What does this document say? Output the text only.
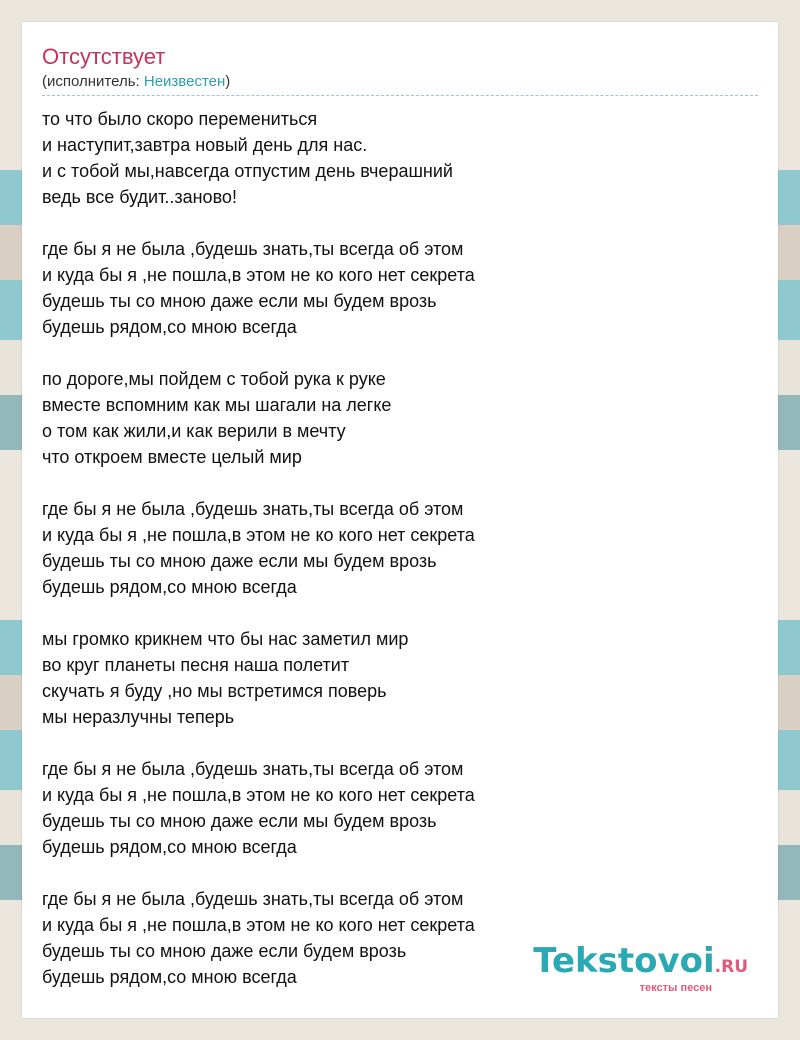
Отсутствует
(исполнитель: Неизвестен)
то что было скоро перемениться
и наступит,завтра новый день для нас.
и с тобой мы,навсегда отпустим день вчерашний
ведь все будит..заново!
где бы я не была ,будешь знать,ты всегда об этом
и куда бы я ,не пошла,в этом не ко кого нет секрета
будешь ты со мною даже если мы будем врозь
будешь рядом,со мною всегда
по дороге,мы пойдем с тобой рука к руке
вместе вспомним как мы шагали на легке
о том как жили,и как верили в мечту
что откроем вместе целый мир
где бы я не была ,будешь знать,ты всегда об этом
и куда бы я ,не пошла,в этом не ко кого нет секрета
будешь ты со мною даже если мы будем врозь
будешь рядом,со мною всегда
мы громко крикнем что бы нас заметил мир
во круг планеты песня наша полетит
скучать я буду ,но мы встретимся поверь
мы неразлучны теперь
где бы я не была ,будешь знать,ты всегда об этом
и куда бы я ,не пошла,в этом не ко кого нет секрета
будешь ты со мною даже если мы будем врозь
будешь рядом,со мною всегда
где бы я не была ,будешь знать,ты всегда об этом
и куда бы я ,не пошла,в этом не ко кого нет секрета
будешь ты со мною даже если будем врозь
будешь рядом,со мною всегда	Tekstovoi.RU
тексты песен
